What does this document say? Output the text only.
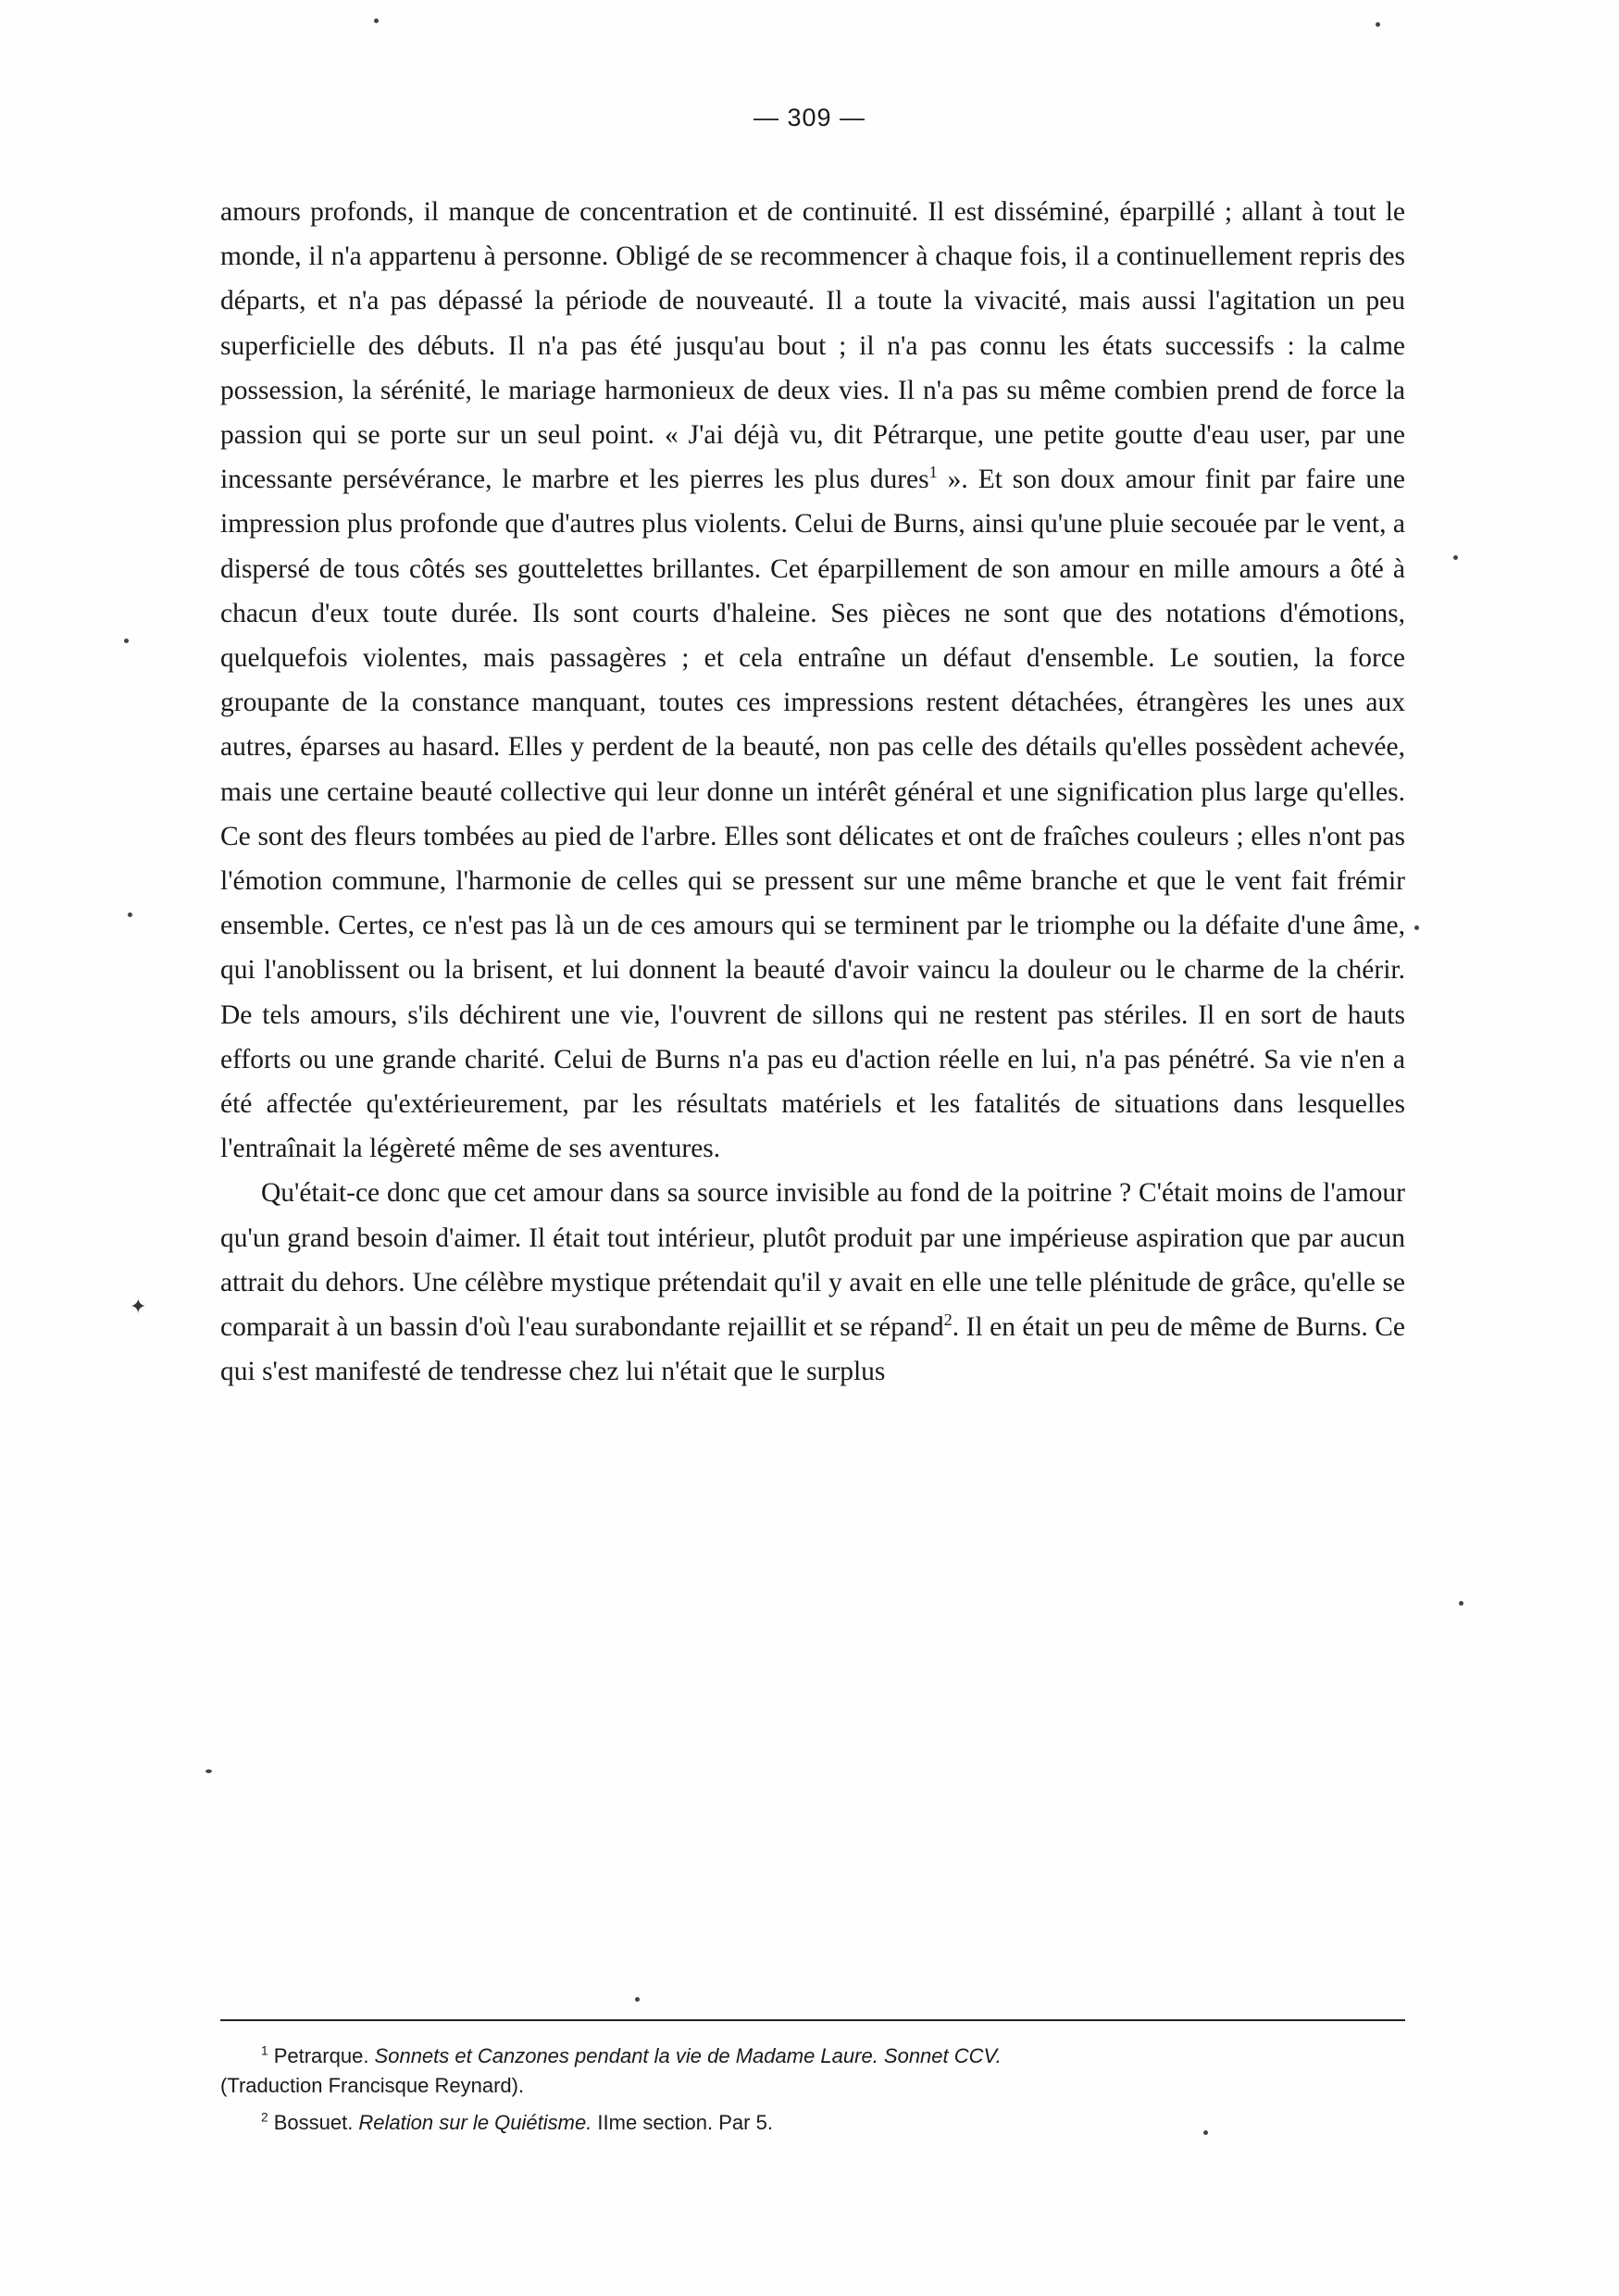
— 309 —

amours profonds, il manque de concentration et de continuité. Il est disséminé, éparpillé ; allant à tout le monde, il n'a appartenu à personne. Obligé de se recommencer à chaque fois, il a continuellement repris des départs, et n'a pas dépassé la période de nouveauté. Il a toute la vivacité, mais aussi l'agitation un peu superficielle des débuts. Il n'a pas été jusqu'au bout ; il n'a pas connu les états successifs : la calme possession, la sérénité, le mariage harmonieux de deux vies. Il n'a pas su même combien prend de force la passion qui se porte sur un seul point. « J'ai déjà vu, dit Pétrarque, une petite goutte d'eau user, par une incessante persévérance, le marbre et les pierres les plus dures$^1$ ». Et son doux amour finit par faire une impression plus profonde que d'autres plus violents. Celui de Burns, ainsi qu'une pluie secouée par le vent, a dispersé de tous côtés ses gouttelettes brillantes. Cet éparpillement de son amour en mille amours a ôté à chacun d'eux toute durée. Ils sont courts d'haleine. Ses pièces ne sont que des notations d'émotions, quelquefois violentes, mais passagères ; et cela entraîne un défaut d'ensemble. Le soutien, la force groupante de la constance manquant, toutes ces impressions restent détachées, étrangères les unes aux autres, éparses au hasard. Elles y perdent de la beauté, non pas celle des détails qu'elles possèdent achevée, mais une certaine beauté collective qui leur donne un intérêt général et une signification plus large qu'elles. Ce sont des fleurs tombées au pied de l'arbre. Elles sont délicates et ont de fraîches couleurs ; elles n'ont pas l'émotion commune, l'harmonie de celles qui se pressent sur une même branche et que le vent fait frémir ensemble. Certes, ce n'est pas là un de ces amours qui se terminent par le triomphe ou la défaite d'une âme, qui l'anoblissent ou la brisent, et lui donnent la beauté d'avoir vaincu la douleur ou le charme de la chérir. De tels amours, s'ils déchirent une vie, l'ouvrent de sillons qui ne restent pas stériles. Il en sort de hauts efforts ou une grande charité. Celui de Burns n'a pas eu d'action réelle en lui, n'a pas pénétré. Sa vie n'en a été affectée qu'extérieurement, par les résultats matériels et les fatalités de situations dans lesquelles l'entraînait la légèreté même de ses aventures.

Qu'était-ce donc que cet amour dans sa source invisible au fond de la poitrine ? C'était moins de l'amour qu'un grand besoin d'aimer. Il était tout intérieur, plutôt produit par une impérieuse aspiration que par aucun attrait du dehors. Une célèbre mystique prétendait qu'il y avait en elle une telle plénitude de grâce, qu'elle se comparait à un bassin d'où l'eau surabondante rejaillit et se répand$^2$. Il en était un peu de même de Burns. Ce qui s'est manifesté de tendresse chez lui n'était que le surplus

$^1$ Petrarque. Sonnets et Canzones pendant la vie de Madame Laure. Sonnet CCV.
(Traduction Francisque Reynard).

$^2$ Bossuet. Relation sur le Quiétisme. IIme section. Par 5.

✦
